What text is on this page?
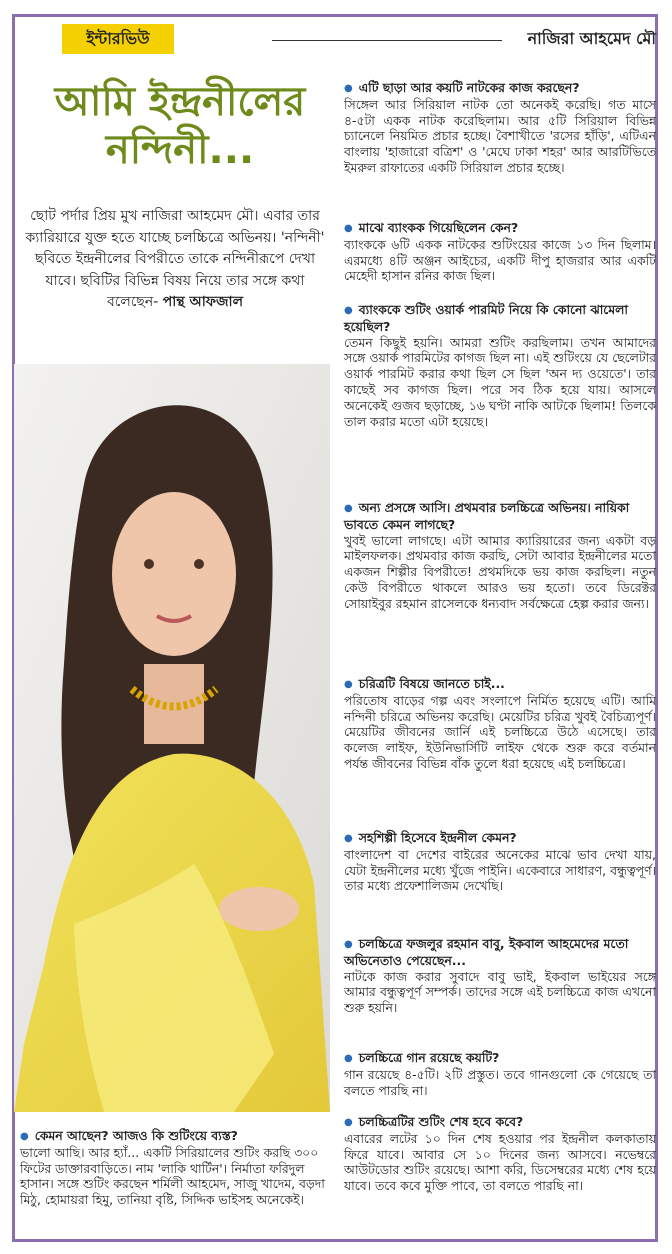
ইন্টারভিউ	নাজিরা আহমেদ মৌ
আমি ইন্দ্রনীলের
নন্দিনী...
ছোট পর্দার প্রিয় মুখ নাজিরা আহমেদ মৌ। এবার তার ক্যারিয়ারে যুক্ত হতে যাচ্ছে চলচ্চিত্রে অভিনয়। 'নন্দিনী' ছবিতে ইন্দ্রনীলের বিপরীতে তাকে নন্দিনীরূপে দেখা যাবে। ছবিটির বিভিন্ন বিষয় নিয়ে তার সঙ্গে কথা বলেছেন- পান্থ আফজাল
● এটি ছাড়া আর কয়টি নাটকের কাজ করছেন?
সিঙ্গেল আর সিরিয়াল নাটক তো অনেকই করেছি। গত মাসে ৪-৫টা একক নাটক করেছিলাম। আর ৫টি সিরিয়াল বিভিন্ন চ্যানেলে নিয়মিত প্রচার হচ্ছে। বৈশাখীতে 'রসের হাঁড়ি', এটিএন বাংলায় 'হাজারো বত্রিশ' ও 'মেঘে ঢাকা শহর' আর আরটিভিতে ইমরুল রাফাতের একটি সিরিয়াল প্রচার হচ্ছে।
● মাঝে ব্যাংকক গিয়েছিলেন কেন?
ব্যাংককে ৬টি একক নাটকের শুটিংয়ের কাজে ১৩ দিন ছিলাম। এরমধ্যে ৪টি অঞ্জন আইচের, একটি দীপু হাজরার আর একটি মেহেদী হাসান রনির কাজ ছিল।
● ব্যাংককে শুটিং ওয়ার্ক পারমিট নিয়ে কি কোনো ঝামেলা হয়েছিল?
তেমন কিছুই হয়নি। আমরা শুটিং করছিলাম। তখন আমাদের সঙ্গে ওয়ার্ক পারমিটের কাগজ ছিল না। এই শুটিংয়ে যে ছেলেটার ওয়ার্ক পারমিট করার কথা ছিল সে ছিল 'অন দ্য ওয়েতে'। তার কাছেই সব কাগজ ছিল। পরে সব ঠিক হয়ে যায়। আসলে অনেকেই গুজব ছড়াচ্ছে, ১৬ ঘণ্টা নাকি আটকে ছিলাম! তিলকে তাল করার মতো এটা হয়েছে।
● অন্য প্রসঙ্গে আসি। প্রথমবার চলচ্চিত্রে অভিনয়। নায়িকা ভাবতে কেমন লাগছে?
খুবই ভালো লাগছে। এটা আমার ক্যারিয়ারের জন্য একটা বড় মাইলফলক। প্রথমবার কাজ করছি, সেটা আবার ইন্দ্রনীলের মতো একজন শিল্পীর বিপরীতে! প্রথমদিকে ভয় কাজ করছিল। নতুন কেউ বিপরীতে থাকলে আরও ভয় হতো। তবে ডিরেক্টর সোয়াইবুর রহমান রাসেলকে ধন্যবাদ সর্বক্ষেত্রে হেল্প করার জন্য।
● চরিত্রটি বিষয়ে জানতে চাই...
পরিতোষ বাড়ের গল্প এবং সংলাপে নির্মিত হয়েছে এটি। আমি নন্দিনী চরিত্রে অভিনয় করেছি। মেয়েটির চরিত্র খুবই বৈচিত্র্যপূর্ণ। মেয়েটির জীবনের জার্নি এই চলচ্চিত্রে উঠে এসেছে। তার কলেজ লাইফ, ইউনিভার্সিটি লাইফ থেকে শুরু করে বর্তমান পর্যন্ত জীবনের বিভিন্ন বাঁক তুলে ধরা হয়েছে এই চলচ্চিত্রে।
● সহশিল্পী হিসেবে ইন্দ্রনীল কেমন?
বাংলাদেশ বা দেশের বাইরের অনেকের মাঝে ভাব দেখা যায়, যেটা ইন্দ্রনীলের মধ্যে খুঁজে পাইনি। একেবারে সাধারণ, বন্ধুত্বপূর্ণ। তার মধ্যে প্রফেশালিজম দেখেছি।
● চলচ্চিত্রে ফজলুর রহমান বাবু, ইকবাল আহমেদের মতো অভিনেতাও পেয়েছেন...
নাটকে কাজ করার সুবাদে বাবু ভাই, ইকবাল ভাইয়ের সঙ্গে আমার বন্ধুত্বপূর্ণ সম্পর্ক। তাদের সঙ্গে এই চলচ্চিত্রে কাজ এখনো শুরু হয়নি।
● চলচ্চিত্রে গান রয়েছে কয়টি?
গান রয়েছে ৪-৫টি। ২টি প্রস্তুত। তবে গানগুলো কে গেয়েছে তা বলতে পারছি না।
● চলচ্চিত্রটির শুটিং শেষ হবে কবে?
এবারের লটের ১০ দিন শেষ হওয়ার পর ইন্দ্রনীল কলকাতায় ফিরে যাবে। আবার সে ১০ দিনের জন্য আসবে। নভেম্বরে আউটডোর শুটিং রয়েছে। আশা করি, ডিসেম্বরের মধ্যে শেষ হয়ে যাবে। তবে কবে মুক্তি পাবে, তা বলতে পারছি না।
● কেমন আছেন? আজও কি শুটিংয়ে ব্যস্ত?
ভালো আছি। আর হ্যাঁ... একটি সিরিয়ালের শুটিং করছি ৩০০ ফিটের ডাক্তারবাড়িতে। নাম 'লাকি থার্টিন'। নির্মাতা ফরিদুল হাসান। সঙ্গে শুটিং করছেন শর্মিলী আহমেদ, সাজু খাদেম, বড়দা মিঠু, হোমায়রা হিমু, তানিয়া বৃষ্টি, সিদ্দিক ভাইসহ অনেকেই।
